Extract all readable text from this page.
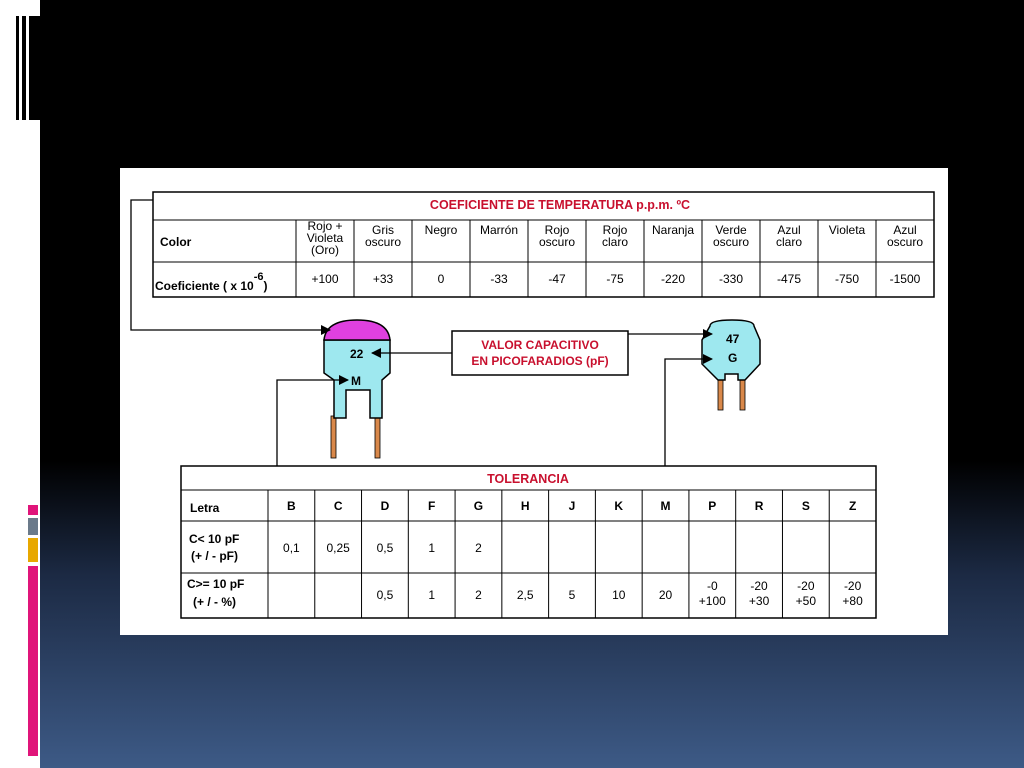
COEFICIENTE DE TEMPERATURA p.p.m. ºC
Color
Coeficiente ( x 10-6)
Rojo +
Violeta
(Oro)
+100
Gris
oscuro
+33
Negro
0
Marrón
-33
Rojo
oscuro
-47
Rojo
claro
-75
Naranja
-220
Verde
oscuro
-330
Azul
claro
-475
Violeta
-750
Azul
oscuro
-1500
22
M
47
G
VALOR CAPACITIVO
EN PICOFARADIOS (pF)
TOLERANCIA
Letra
C< 10 pF
(+ / - pF)
C>= 10 pF
(+ / - %)
B
0,1
C
0,25
D
0,5
0,5
F
1
1
G
2
2
H
2,5
J
5
K
10
M
20
P
-0
+100
R
-20
+30
S
-20
+50
Z
-20
+80
